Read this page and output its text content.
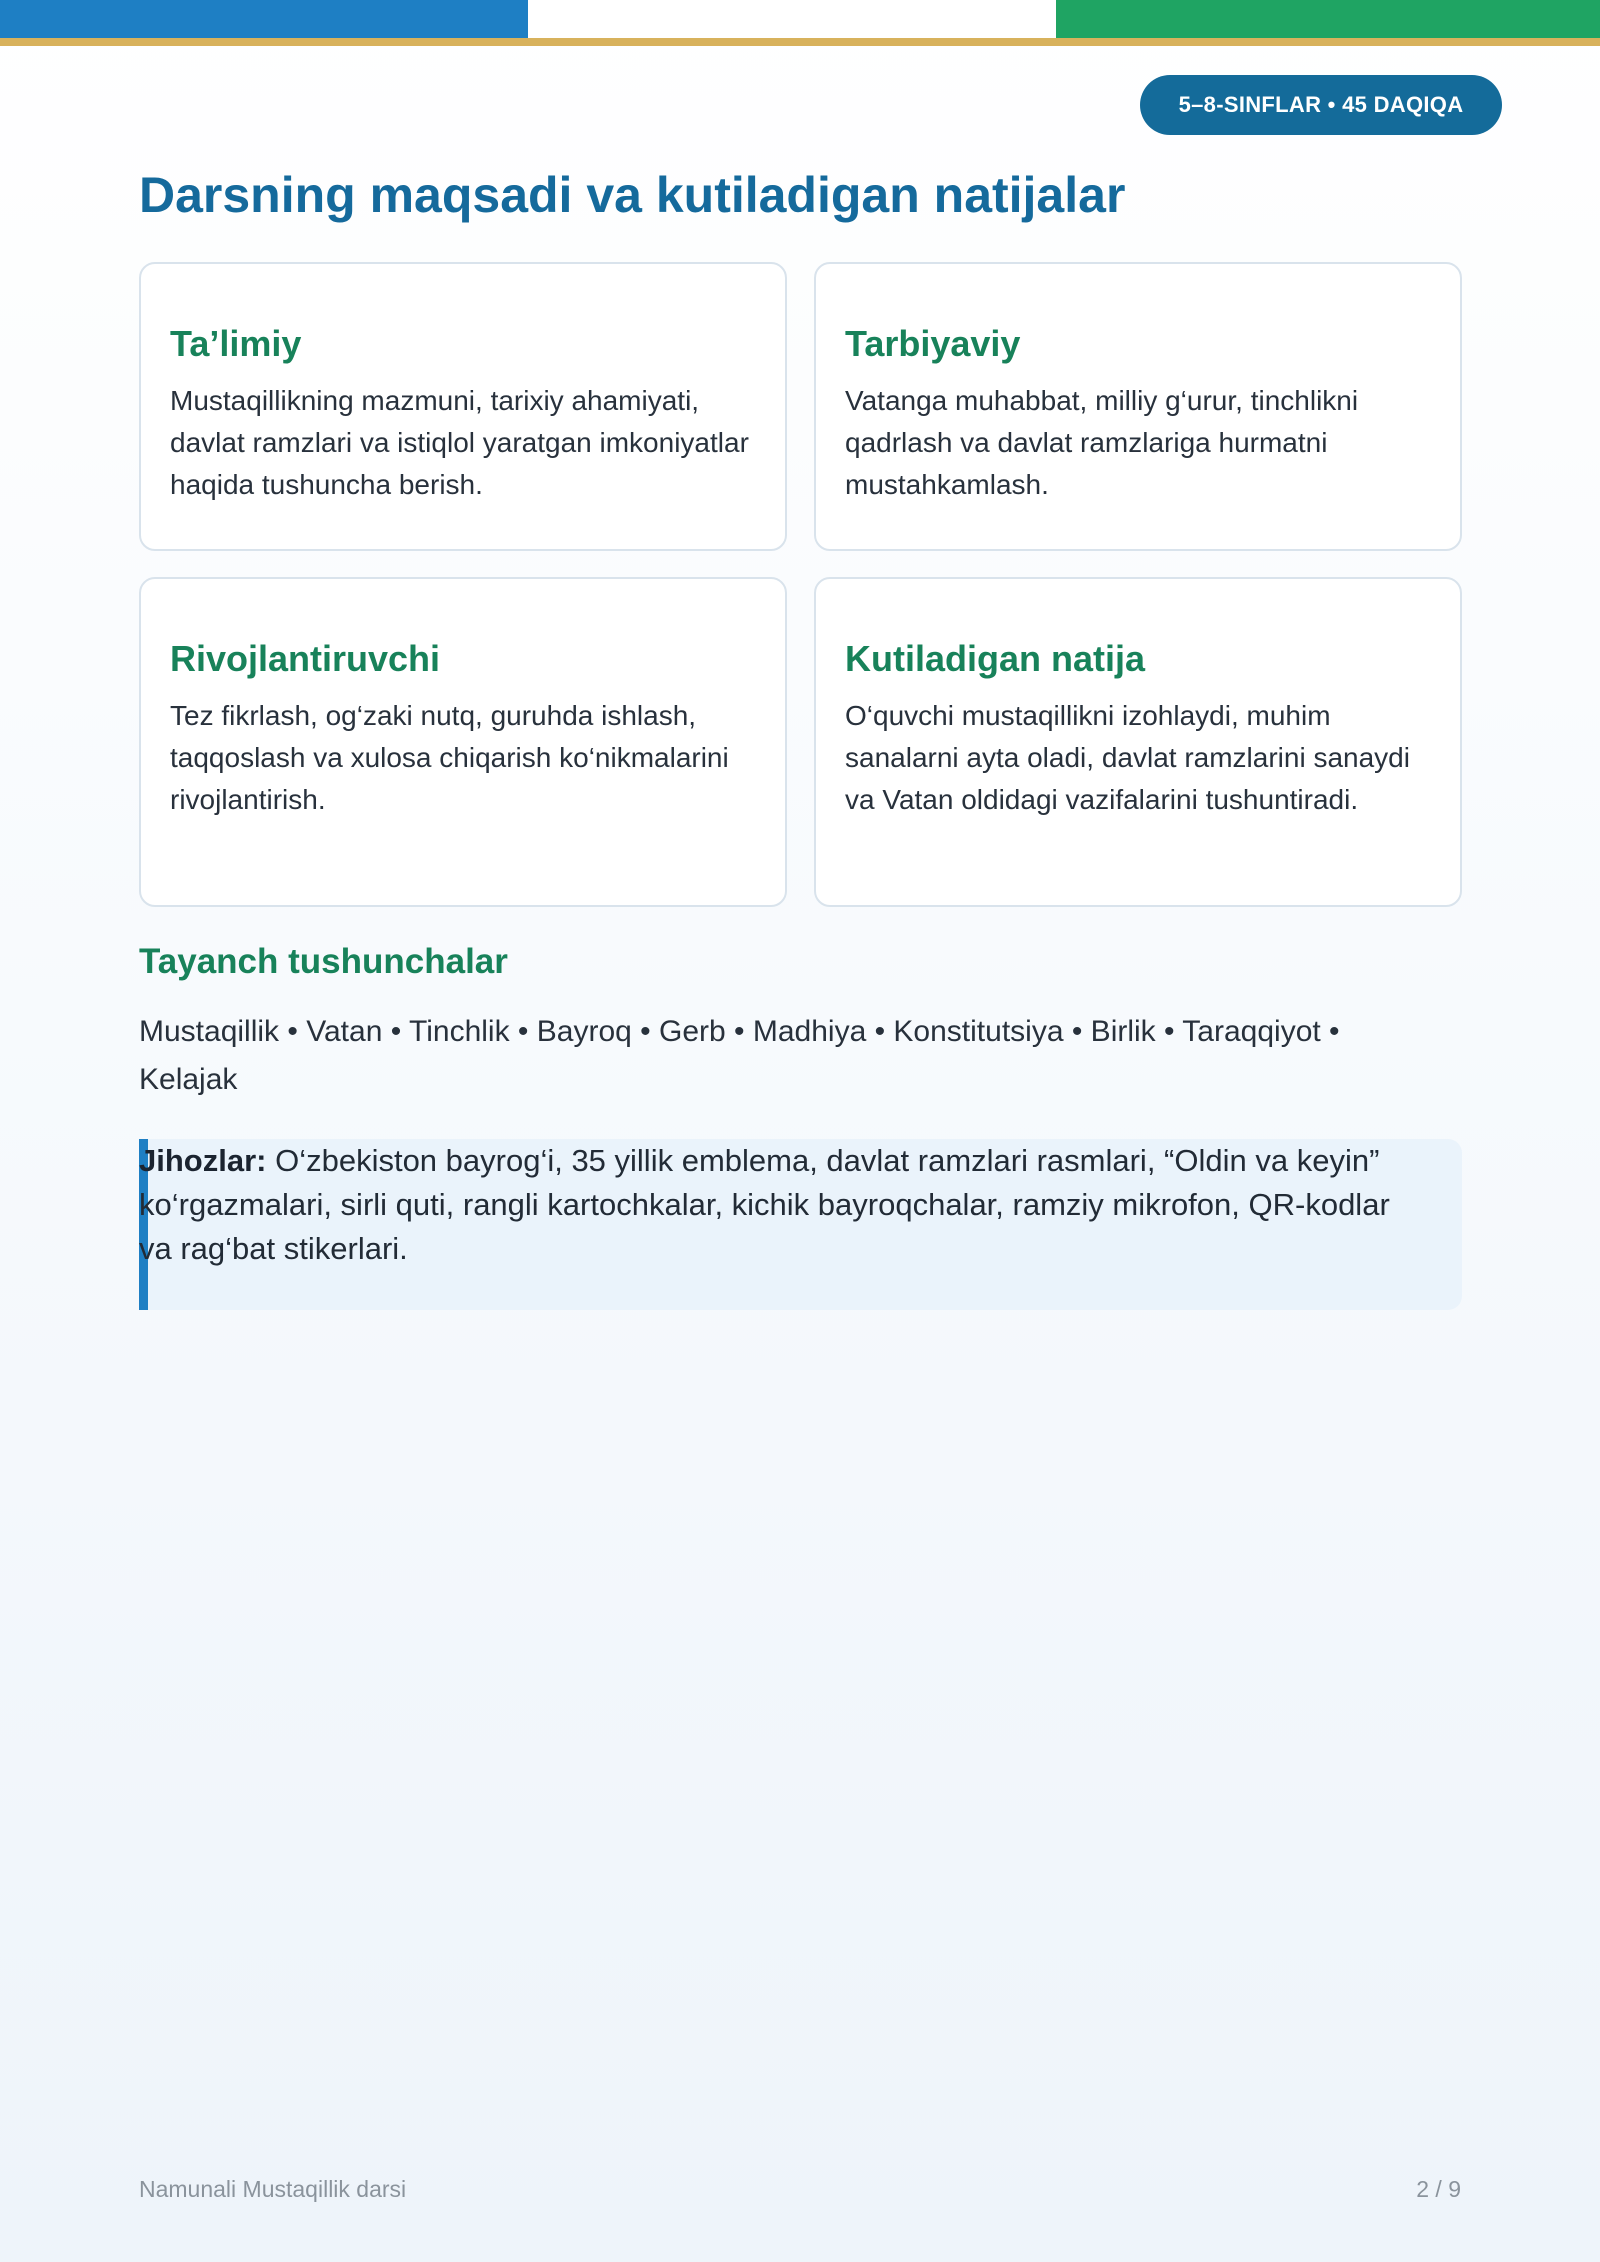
5–8-SINFLAR • 45 DAQIQA
Darsning maqsadi va kutiladigan natijalar
Ta’limiy

Mustaqillikning mazmuni, tarixiy ahamiyati, davlat ramzlari va istiqlol yaratgan imkoniyatlar haqida tushuncha berish.

Tarbiyaviy

Vatanga muhabbat, milliy g‘urur, tinchlikni qadrlash va davlat ramzlariga hurmatni mustahkamlash.

Rivojlantiruvchi

Tez fikrlash, og‘zaki nutq, guruhda ishlash, taqqoslash va xulosa chiqarish ko‘nikmalarini rivojlantirish.

Kutiladigan natija

O‘quvchi mustaqillikni izohlaydi, muhim sanalarni ayta oladi, davlat ramzlarini sanaydi va Vatan oldidagi vazifalarini tushuntiradi.

Tayanch tushunchalar

Mustaqillik • Vatan • Tinchlik • Bayroq • Gerb • Madhiya • Konstitutsiya • Birlik • Taraqqiyot • Kelajak

Jihozlar: O‘zbekiston bayrog‘i, 35 yillik emblema, davlat ramzlari rasmlari, “Oldin va keyin” ko‘rgazmalari, sirli quti, rangli kartochkalar, kichik bayroqchalar, ramziy mikrofon, QR-kodlar va rag‘bat stikerlari.

Namunali Mustaqillik darsi	2 / 9
